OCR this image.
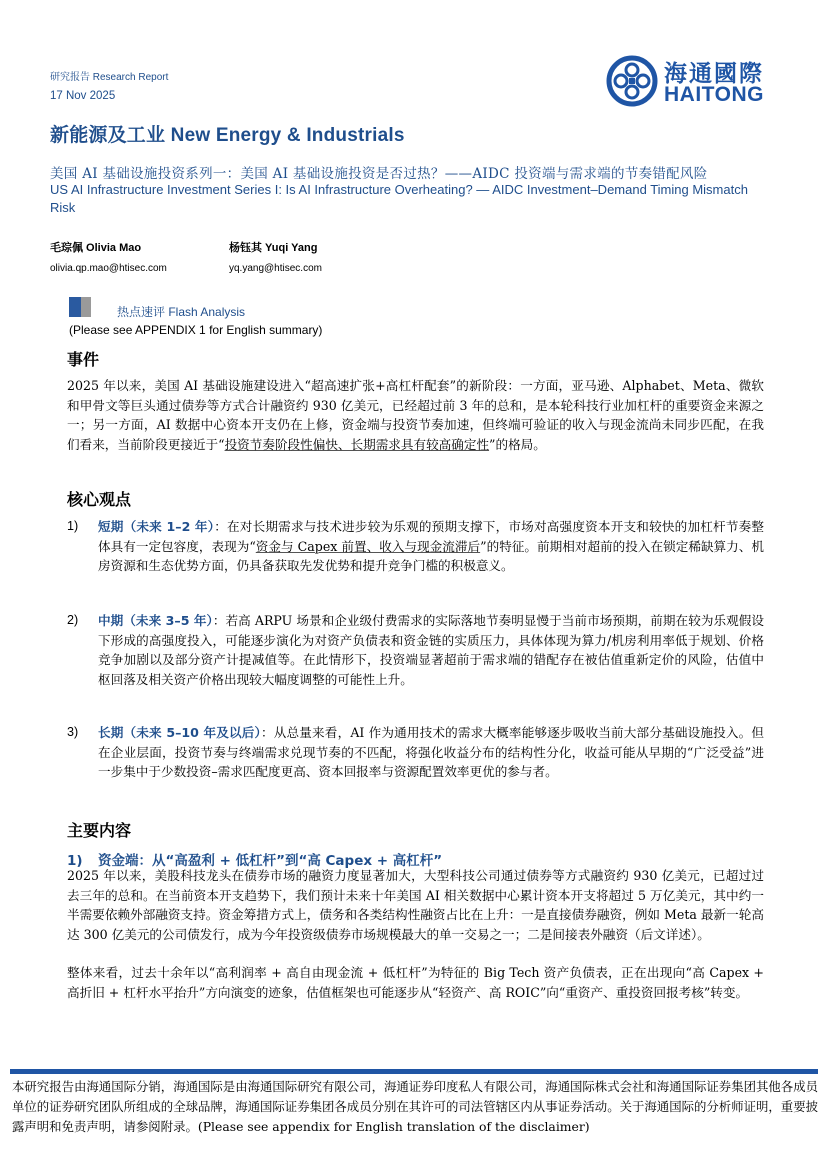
研究报告 Research Report
17 Nov 2025
新能源及工业 New Energy & Industrials
海通國際
HAITONG
美国 AI 基础设施投资系列一：美国 AI 基础设施投资是否过热？——AIDC 投资端与需求端的节奏错配风险
US AI Infrastructure Investment Series I: Is AI Infrastructure Overheating? — AIDC Investment–Demand Timing Mismatch Risk
毛琮佩 Olivia Mao	杨钰其 Yuqi Yang
olivia.qp.mao@htisec.com	yq.yang@htisec.com
热点速评 Flash Analysis
(Please see APPENDIX 1 for English summary)
事件
2025 年以来，美国 AI 基础设施建设进入“超高速扩张+高杠杆配套”的新阶段：一方面，亚马逊、Alphabet、Meta、微软和甲骨文等巨头通过债券等方式合计融资约 930 亿美元，已经超过前 3 年的总和，是本轮科技行业加杠杆的重要资金来源之一；另一方面，AI 数据中心资本开支仍在上修，资金端与投资节奏加速，但终端可验证的收入与现金流尚未同步匹配，在我们看来，当前阶段更接近于“投资节奏阶段性偏快、长期需求具有较高确定性”的格局。
核心观点
1) 短期（未来 1–2 年）：在对长期需求与技术进步较为乐观的预期支撑下，市场对高强度资本开支和较快的加杠杆节奏整体具有一定包容度，表现为“资金与 Capex 前置、收入与现金流滞后”的特征。前期相对超前的投入在锁定稀缺算力、机房资源和生态优势方面，仍具备获取先发优势和提升竞争门槛的积极意义。
2) 中期（未来 3–5 年）：若高 ARPU 场景和企业级付费需求的实际落地节奏明显慢于当前市场预期，前期在较为乐观假设下形成的高强度投入，可能逐步演化为对资产负债表和资金链的实质压力，具体体现为算力/机房利用率低于规划、价格竞争加剧以及部分资产计提减值等。在此情形下，投资端显著超前于需求端的错配存在被估值重新定价的风险，估值中枢回落及相关资产价格出现较大幅度调整的可能性上升。
3) 长期（未来 5–10 年及以后）：从总量来看，AI 作为通用技术的需求大概率能够逐步吸收当前大部分基础设施投入。但在企业层面，投资节奏与终端需求兑现节奏的不匹配，将强化收益分布的结构性分化，收益可能从早期的“广泛受益”进一步集中于少数投资–需求匹配度更高、资本回报率与资源配置效率更优的参与者。
主要内容
1) 资金端：从“高盈利 + 低杠杆”到“高 Capex + 高杠杆”
2025 年以来，美股科技龙头在债券市场的融资力度显著加大，大型科技公司通过债券等方式融资约 930 亿美元，已超过过去三年的总和。在当前资本开支趋势下，我们预计未来十年美国 AI 相关数据中心累计资本开支将超过 5 万亿美元，其中约一半需要依赖外部融资支持。资金筹措方式上，债务和各类结构性融资占比在上升：一是直接债券融资，例如 Meta 最新一轮高达 300 亿美元的公司债发行，成为今年投资级债券市场规模最大的单一交易之一；二是间接表外融资（后文详述）。
整体来看，过去十余年以“高利润率 + 高自由现金流 + 低杠杆”为特征的 Big Tech 资产负债表，正在出现向“高 Capex + 高折旧 + 杠杆水平抬升”方向演变的迹象，估值框架也可能逐步从“轻资产、高 ROIC”向“重资产、重投资回报考核”转变。
本研究报告由海通国际分销，海通国际是由海通国际研究有限公司，海通证券印度私人有限公司，海通国际株式会社和海通国际证券集团其他各成员单位的证券研究团队所组成的全球品牌，海通国际证券集团各成员分别在其许可的司法管辖区内从事证券活动。关于海通国际的分析师证明，重要披露声明和免责声明，请参阅附录。(Please see appendix for English translation of the disclaimer)
